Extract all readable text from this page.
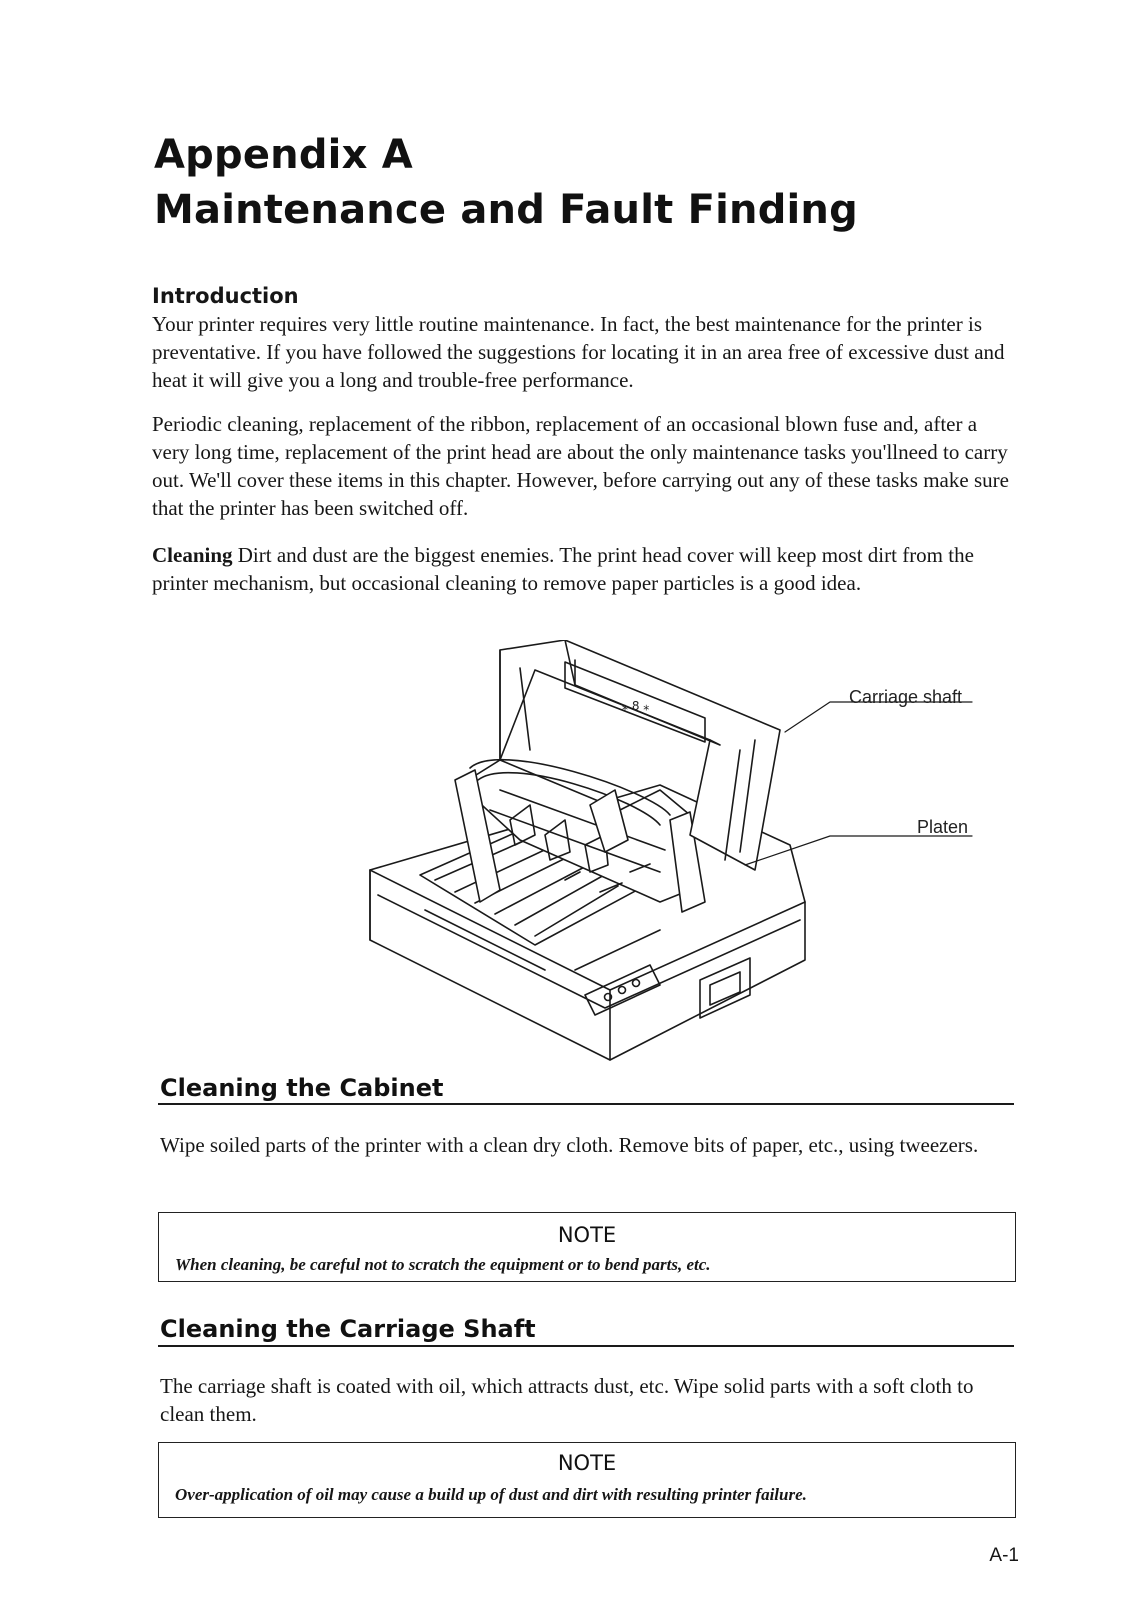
Appendix A
Maintenance and Fault Finding
Introduction
Your printer requires very little routine maintenance. In fact, the best maintenance for the printer is preventative. If you have followed the suggestions for locating it in an area free of excessive dust and heat it will give you a long and trouble-free performance.
Periodic cleaning, replacement of the ribbon, replacement of an occasional blown fuse and, after a very long time, replacement of the print head are about the only maintenance tasks you'llneed to carry out. We'll cover these items in this chapter. However, before carrying out any of these tasks make sure that the printer has been switched off.
Cleaning Dirt and dust are the biggest enemies. The print head cover will keep most dirt from the printer mechanism, but occasional cleaning to remove paper particles is a good idea.
⁎ 8 ⁎	Carriage shaft
Platen
Cleaning the Cabinet
Wipe soiled parts of the printer with a clean dry cloth. Remove bits of paper, etc., using tweezers.
NOTE
When cleaning, be careful not to scratch the equipment or to bend parts, etc.
Cleaning the Carriage Shaft
The carriage shaft is coated with oil, which attracts dust, etc. Wipe solid parts with a soft cloth to clean them.
NOTE
Over-application of oil may cause a build up of dust and dirt with resulting printer failure.
A-1
